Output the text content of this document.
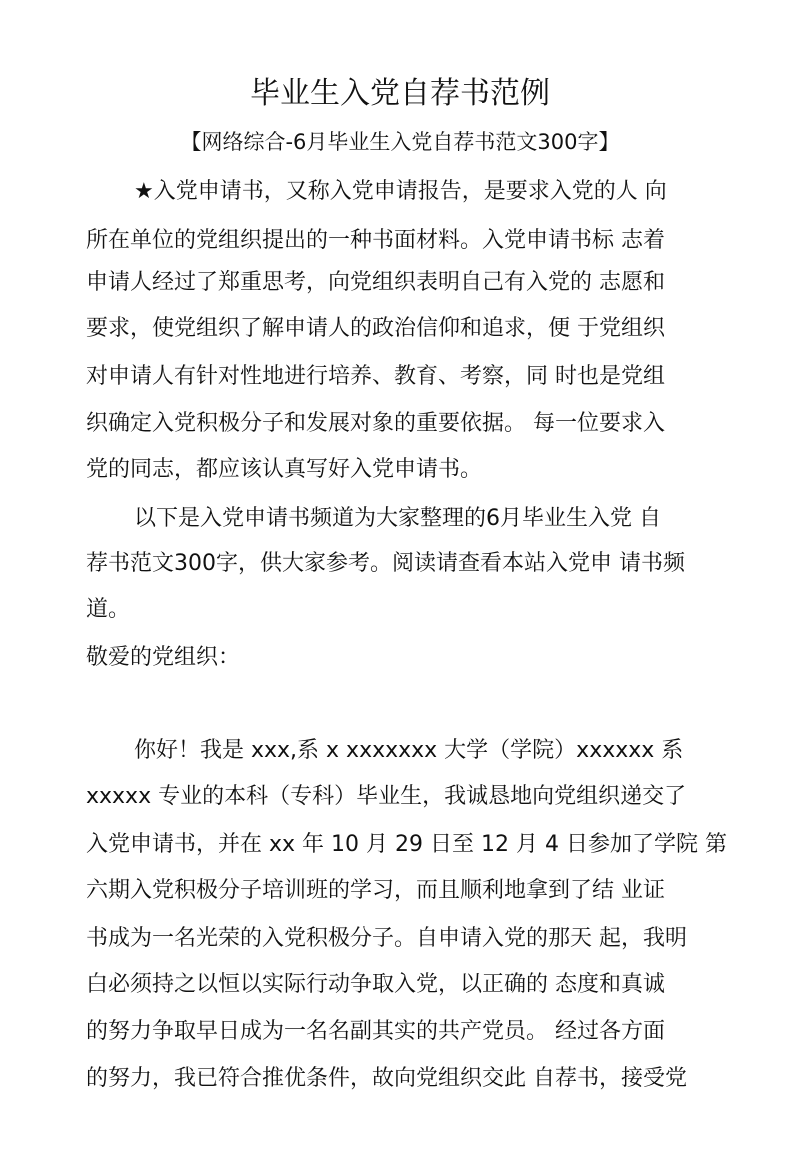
毕业生入党自荐书范例

【网络综合-6月毕业生入党自荐书范文300字】

★入党申请书，又称入党申请报告，是要求入党的人 向

所在单位的党组织提出的一种书面材料。入党申请书标 志着

申请人经过了郑重思考，向党组织表明自己有入党的 志愿和

要求，使党组织了解申请人的政治信仰和追求，便 于党组织

对申请人有针对性地进行培养、教育、考察，同 时也是党组

织确定入党积极分子和发展对象的重要依据。 每一位要求入

党的同志，都应该认真写好入党申请书。

以下是入党申请书频道为大家整理的6月毕业生入党 自

荐书范文300字，供大家参考。阅读请查看本站入党申 请书频

道。

敬爱的党组织：

你好！我是 xxx,系 x xxxxxxx 大学（学院）xxxxxx 系

xxxxx 专业的本科（专科）毕业生，我诚恳地向党组织递交了

入党申请书，并在 xx 年 10 月 29 日至 12 月 4 日参加了学院 第

六期入党积极分子培训班的学习，而且顺利地拿到了结 业证

书成为一名光荣的入党积极分子。自申请入党的那天 起，我明

白必须持之以恒以实际行动争取入党，以正确的 态度和真诚

的努力争取早日成为一名名副其实的共产党员。 经过各方面

的努力，我已符合推优条件，故向党组织交此 自荐书，接受党
